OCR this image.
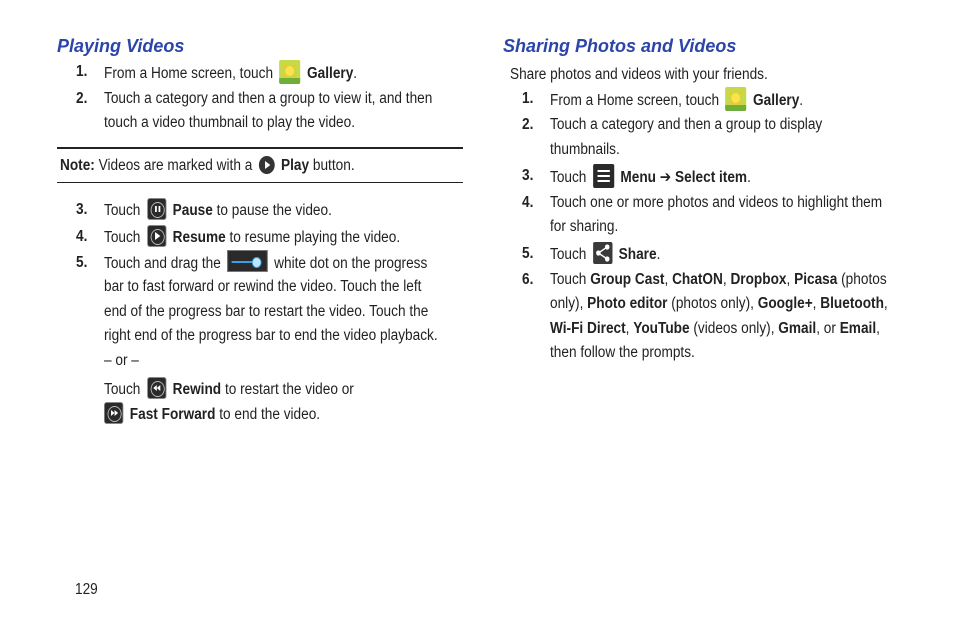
Playing Videos
1. From a Home screen, touch Gallery.
2. Touch a category and then a group to view it, and then
touch a video thumbnail to play the video.
Note: Videos are marked with a Play button.
3. Touch Pause to pause the video.
4. Touch Resume to resume playing the video.
5. Touch and drag the	white dot on the progress
bar to fast forward or rewind the video. Touch the left
end of the progress bar to restart the video. Touch the
right end of the progress bar to end the video playback.
– or –
Touch Rewind to restart the video or
Fast Forward to end the video.
Sharing Photos and Videos
Share photos and videos with your friends.
1. From a Home screen, touch Gallery.
2. Touch a category and then a group to display
thumbnails.
3. Touch Menu ➔ Select item.
4. Touch one or more photos and videos to highlight them
for sharing.
5. Touch Share.
6. Touch Group Cast, ChatON, Dropbox, Picasa (photos
only), Photo editor (photos only), Google+, Bluetooth,
Wi-Fi Direct, YouTube (videos only), Gmail, or Email,
then follow the prompts.
129
